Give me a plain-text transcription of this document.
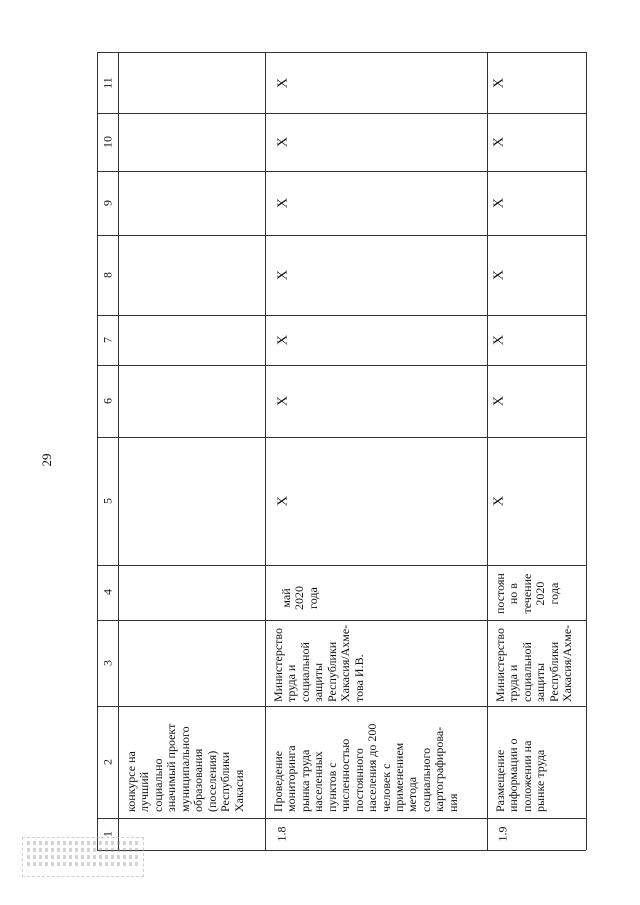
29
1
2
3
4
5
6
7
8
9
10
11
конкурсе на лучший социально значимый проект муниципального образования (поселения) Республики Хакасия
1.8
Проведение мониторинга рынка труда населенных пунктов с численностью постоянного населения до 200 человек с применением метода социального картографирова- ния
Министерство труда и социальной защиты Республики Хакасия/Ахме- това И.В.
май 2020 года
X
X
X
X
X
X
X
1.9
Размещение информации о положении на рынке труда
Министерство труда и социальной защиты Республики Хакасия/Ахме-
постоян но в течение 2020 года
X
X
X
X
X
X
X
